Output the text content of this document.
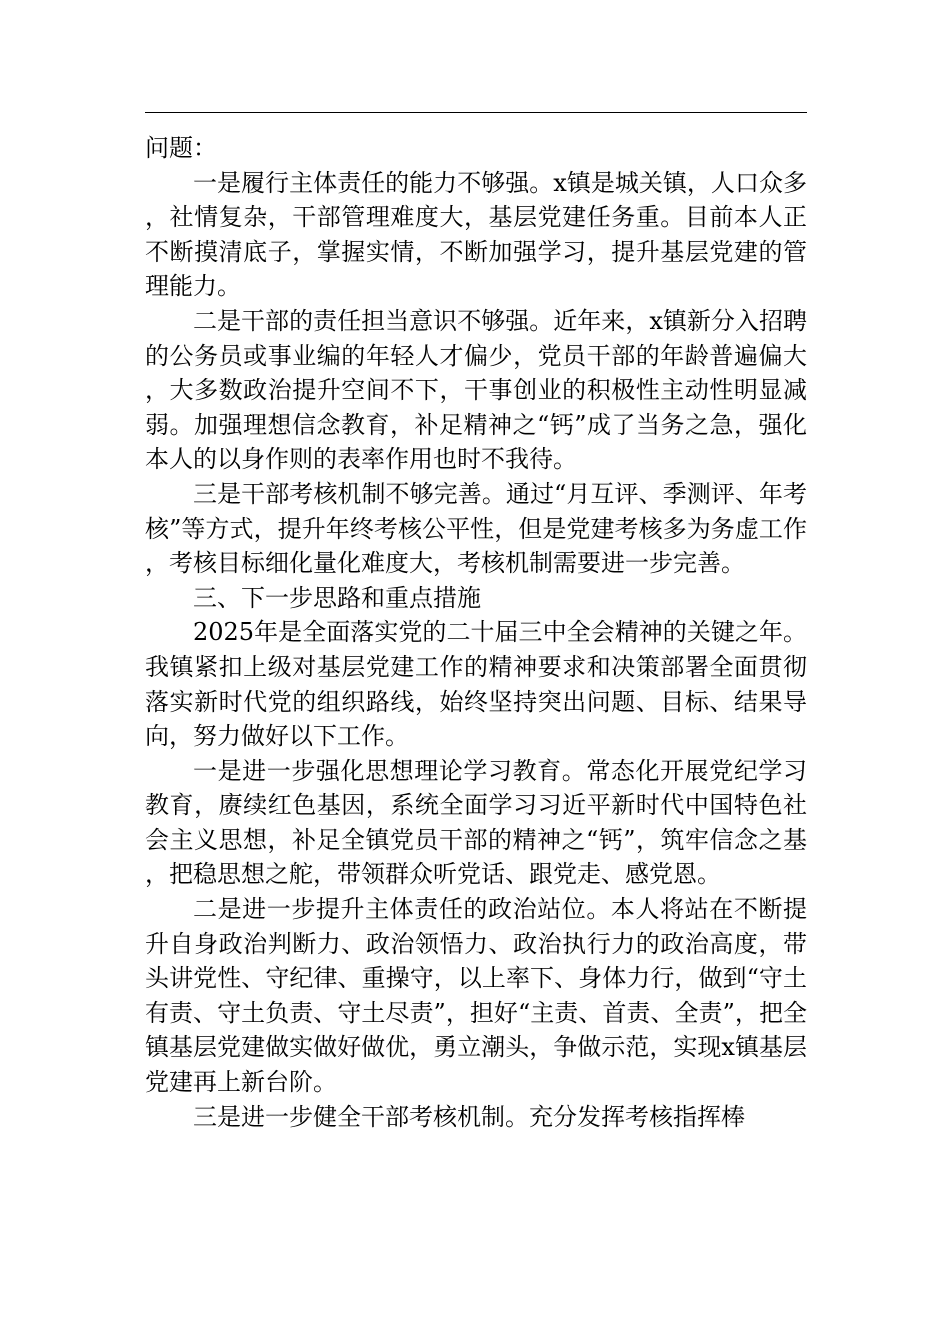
问题：

一是履行主体责任的能力不够强。x镇是城关镇，人口众多，社情复杂，干部管理难度大，基层党建任务重。目前本人正不断摸清底子，掌握实情，不断加强学习，提升基层党建的管理能力。

二是干部的责任担当意识不够强。近年来，x镇新分入招聘的公务员或事业编的年轻人才偏少，党员干部的年龄普遍偏大，大多数政治提升空间不下，干事创业的积极性主动性明显减弱。加强理想信念教育，补足精神之“钙”成了当务之急，强化本人的以身作则的表率作用也时不我待。

三是干部考核机制不够完善。通过“月互评、季测评、年考核”等方式，提升年终考核公平性，但是党建考核多为务虚工作，考核目标细化量化难度大，考核机制需要进一步完善。

三、下一步思路和重点措施

2025年是全面落实党的二十届三中全会精神的关键之年。我镇紧扣上级对基层党建工作的精神要求和决策部署全面贯彻落实新时代党的组织路线，始终坚持突出问题、目标、结果导向，努力做好以下工作。

一是进一步强化思想理论学习教育。常态化开展党纪学习教育，赓续红色基因，系统全面学习习近平新时代中国特色社会主义思想，补足全镇党员干部的精神之“钙”，筑牢信念之基，把稳思想之舵，带领群众听党话、跟党走、感党恩。

二是进一步提升主体责任的政治站位。本人将站在不断提升自身政治判断力、政治领悟力、政治执行力的政治高度，带头讲党性、守纪律、重操守，以上率下、身体力行，做到“守土有责、守土负责、守土尽责”，担好“主责、首责、全责”，把全镇基层党建做实做好做优，勇立潮头，争做示范，实现x镇基层党建再上新台阶。

三是进一步健全干部考核机制。充分发挥考核指挥棒
